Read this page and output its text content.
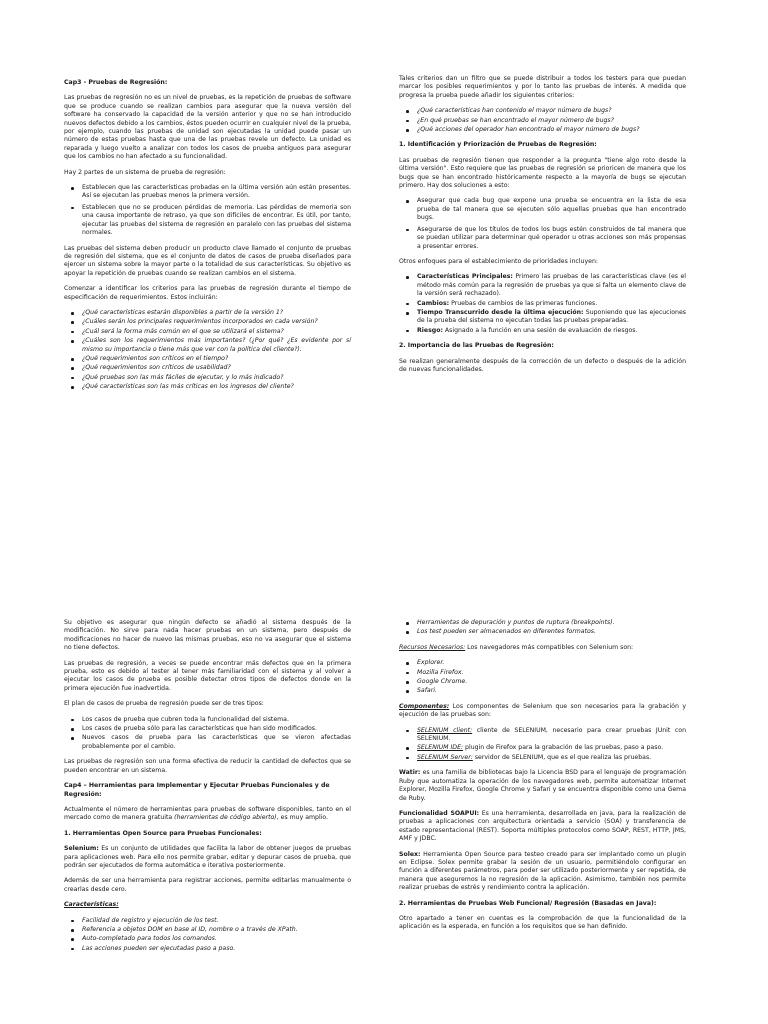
Cap3 - Pruebas de Regresión:

Las pruebas de regresión no es un nivel de pruebas, es la repetición de pruebas de software que se produce cuando se realizan cambios para asegurar que la nueva versión del software ha conservado la capacidad de la versión anterior y que no se han introducido nuevos defectos debido a los cambios, éstos pueden ocurrir en cualquier nivel de la prueba, por ejemplo, cuando las pruebas de unidad son ejecutadas la unidad puede pasar un número de estas pruebas hasta que una de las pruebas revele un defecto. La unidad es reparada y luego vuelto a analizar con todos los casos de prueba antiguos para asegurar que los cambios no han afectado a su funcionalidad.

Hay 2 partes de un sistema de prueba de regresión:

Establecen que las características probadas en la última versión aún están presentes. Así se ejecutan las pruebas menos la primera versión.
Establecen que no se producen pérdidas de memoria. Las pérdidas de memoria son una causa importante de retraso, ya que son difíciles de encontrar. Es útil, por tanto, ejecutar las pruebas del sistema de regresión en paralelo con las pruebas del sistema normales.

Las pruebas del sistema deben producir un producto clave llamado el conjunto de pruebas de regresión del sistema, que es el conjunto de datos de casos de prueba diseñados para ejercer un sistema sobre la mayor parte o la totalidad de sus características. Su objetivo es apoyar la repetición de pruebas cuando se realizan cambios en el sistema.

Comenzar a identificar los criterios para las pruebas de regresión durante el tiempo de especificación de requerimientos. Estos incluirán:

¿Qué características estarán disponibles a partir de la versión 1?
¿Cuáles serán los principales requerimientos incorporados en cada versión?
¿Cuál será la forma más común en el que se utilizará el sistema?
¿Cuáles son los requerimientos más importantes? (¿Por qué? ¿Es evidente por sí mismo su importancia o tiene más que ver con la política del cliente?).
¿Qué requerimientos son críticos en el tiempo?
¿Qué requerimientos son críticos de usabilidad?
¿Qué pruebas son las más fáciles de ejecutar, y lo más indicado?
¿Qué características son las más críticas en los ingresos del cliente?

Tales criterios dan un filtro que se puede distribuir a todos los testers para que puedan marcar los posibles requerimientos y por lo tanto las pruebas de interés. A medida que progresa la prueba puede añadir los siguientes criterios:

¿Qué características han contenido el mayor número de bugs?
¿En qué pruebas se han encontrado el mayor número de bugs?
¿Qué acciones del operador han encontrado el mayor número de bugs?
1. Identificación y Priorización de Pruebas de Regresión:

Las pruebas de regresión tienen que responder a la pregunta "tiene algo roto desde la última versión". Esto requiere que las pruebas de regresión se prioricen de manera que los bugs que se han encontrado históricamente respecto a la mayoría de bugs se ejecutan primero. Hay dos soluciones a esto:

Asegurar que cada bug que expone una prueba se encuentra en la lista de esa prueba de tal manera que se ejecuten sólo aquellas pruebas que han encontrado bugs.
Asegurarse de que los títulos de todos los bugs estén construidos de tal manera que se puedan utilizar para determinar qué operador u otras acciones son más propensas a presentar errores.

Otros enfoques para el establecimiento de prioridades incluyen:

Características Principales: Primero las pruebas de las características clave (es el método más común para la regresión de pruebas ya que si falta un elemento clave de la versión será rechazado).
Cambios: Pruebas de cambios de las primeras funciones.
Tiempo Transcurrido desde la última ejecución: Suponiendo que las ejecuciones de la prueba del sistema no ejecutan todas las pruebas preparadas.
Riesgo: Asignado a la función en una sesión de evaluación de riesgos.
2. Importancia de las Pruebas de Regresión:

Se realizan generalmente después de la corrección de un defecto o después de la adición de nuevas funcionalidades.

Su objetivo es asegurar que ningún defecto se añadió al sistema después de la modificación. No sirve para nada hacer pruebas en un sistema, pero después de modificaciones no hacer de nuevo las mismas pruebas, eso no va asegurar que el sistema no tiene defectos.

Las pruebas de regresión, a veces se puede encontrar más defectos que en la primera prueba, esto es debido al tester al tener más familiaridad con el sistema y al volver a ejecutar los casos de prueba es posible detectar otros tipos de defectos donde en la primera ejecución fue inadvertida.

El plan de casos de prueba de regresión puede ser de tres tipos:

Los casos de prueba que cubren toda la funcionalidad del sistema.
Los casos de prueba sólo para las características que han sido modificados.
Nuevos casos de prueba para las características que se vieron afectadas probablemente por el cambio.

Las pruebas de regresión son una forma efectiva de reducir la cantidad de defectos que se pueden encontrar en un sistema.

Cap4 – Herramientas para Implementar y Ejecutar Pruebas Funcionales y de Regresión:

Actualmente el número de herramientas para pruebas de software disponibles, tanto en el mercado como de manera gratuita (herramientas de código abierto), es muy amplio.

1. Herramientas Open Source para Pruebas Funcionales:

Selenium: Es un conjunto de utilidades que facilita la labor de obtener juegos de pruebas para aplicaciones web. Para ello nos permite grabar, editar y depurar casos de prueba, que podrán ser ejecutados de forma automática e iterativa posteriormente.

Además de ser una herramienta para registrar acciones, permite editarlas manualmente o crearlas desde cero.

Características:
Facilidad de registro y ejecución de los test.
Referencia a objetos DOM en base al ID, nombre o a través de XPath.
Auto-completado para todos los comandos.
Las acciones pueden ser ejecutadas paso a paso.
Herramientas de depuración y puntos de ruptura (breakpoints).
Los test pueden ser almacenados en diferentes formatos.

Recursos Necesarios: Los navegadores más compatibles con Selenium son:

Explorer.
Mozilla Firefox.
Google Chrome.
Safari.

Componentes: Los componentes de Selenium que son necesarios para la grabación y ejecución de las pruebas son:

SELENIUM client: cliente de SELENIUM, necesario para crear pruebas JUnit con SELENIUM.
SELENIUM IDE: plugin de Firefox para la grabación de las pruebas, paso a paso.
SELENIUM Server: servidor de SELENIUM, que es el que realiza las pruebas.

Watir: es una familia de bibliotecas bajo la Licencia BSD para el lenguaje de programación Ruby que automatiza la operación de los navegadores web, permite automatizar Internet Explorer, Mozilla Firefox, Google Chrome y Safari y se encuentra disponible como una Gema de Ruby.

Funcionalidad SOAPUI: Es una herramienta, desarrollada en java, para la realización de pruebas a aplicaciones con arquitectura orientada a servicio (SOA) y transferencia de estado representacional (REST). Soporta múltiples protocolos como SOAP, REST, HTTP, JMS, AMF y JDBC.

Solex: Herramienta Open Source para testeo creado para ser implantado como un plugin en Eclipse. Solex permite grabar la sesión de un usuario, permitiéndolo configurar en función a diferentes parámetros, para poder ser utilizado posteriormente y ser repetida, de manera que aseguremos la no regresión de la aplicación. Asimismo, también nos permite realizar pruebas de estrés y rendimiento contra la aplicación.

2. Herramientas de Pruebas Web Funcional/ Regresión (Basadas en Java):

Otro apartado a tener en cuentas es la comprobación de que la funcionalidad de la aplicación es la esperada, en función a los requisitos que se han definido.
